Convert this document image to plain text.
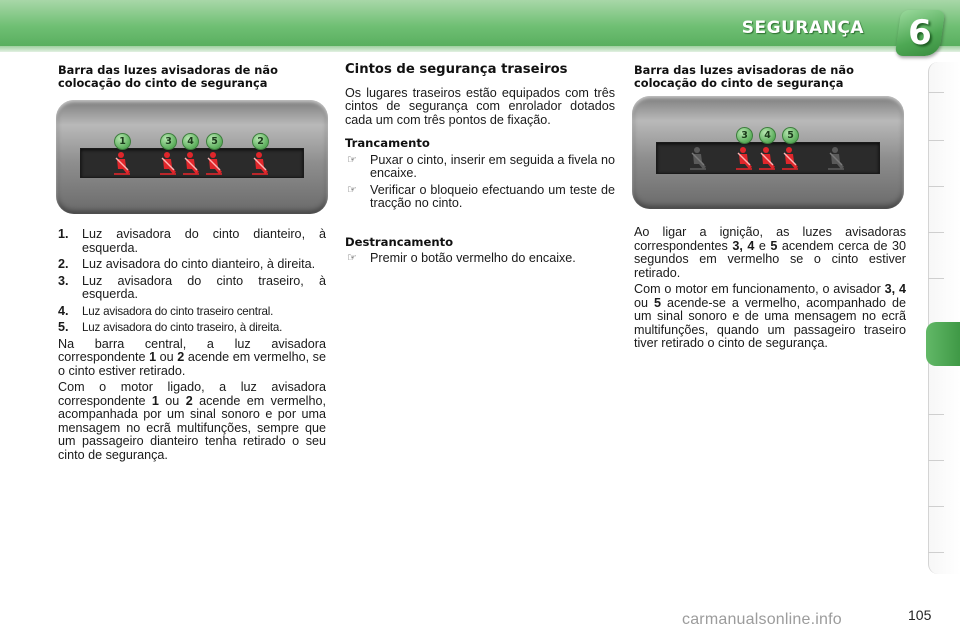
SEGURANÇA 6
Barra das luzes avisadoras de não colocação do cinto de segurança
1	3	4	5	2
1.	Luz avisadora do cinto dianteiro, à esquerda.
2.	Luz avisadora do cinto dianteiro, à direita.
3.	Luz avisadora do cinto traseiro, à esquerda.
4.	Luz avisadora do cinto traseiro central.
5.	Luz avisadora do cinto traseiro, à direita.

Na barra central, a luz avisadora correspondente 1 ou 2 acende em vermelho, se o cinto estiver retirado.

Com o motor ligado, a luz avisadora correspondente 1 ou 2 acende em vermelho, acompanhada por um sinal sonoro e por uma mensagem no ecrã multifunções, sempre que um passageiro dianteiro tenha retirado o seu cinto de segurança.

Cintos de segurança traseiros

Os lugares traseiros estão equipados com três cintos de segurança com enrolador dotados cada um com três pontos de fixação.

Trancamento
☞	Puxar o cinto, inserir em seguida a fivela no encaixe.
☞	Verificar o bloqueio efectuando um teste de tracção no cinto.
Destrancamento
☞	Premir o botão vermelho do encaixe.
Barra das luzes avisadoras de não colocação do cinto de segurança
3	4	5

Ao ligar a ignição, as luzes avisadoras correspondentes 3, 4 e 5 acendem cerca de 30 segundos em vermelho se o cinto estiver retirado.

Com o motor em funcionamento, o avisador 3, 4 ou 5 acende-se a vermelho, acompanhado de um sinal sonoro e de uma mensagem no ecrã multifunções, quando um passageiro traseiro tiver retirado o cinto de segurança.

carmanualsonline.info	105
